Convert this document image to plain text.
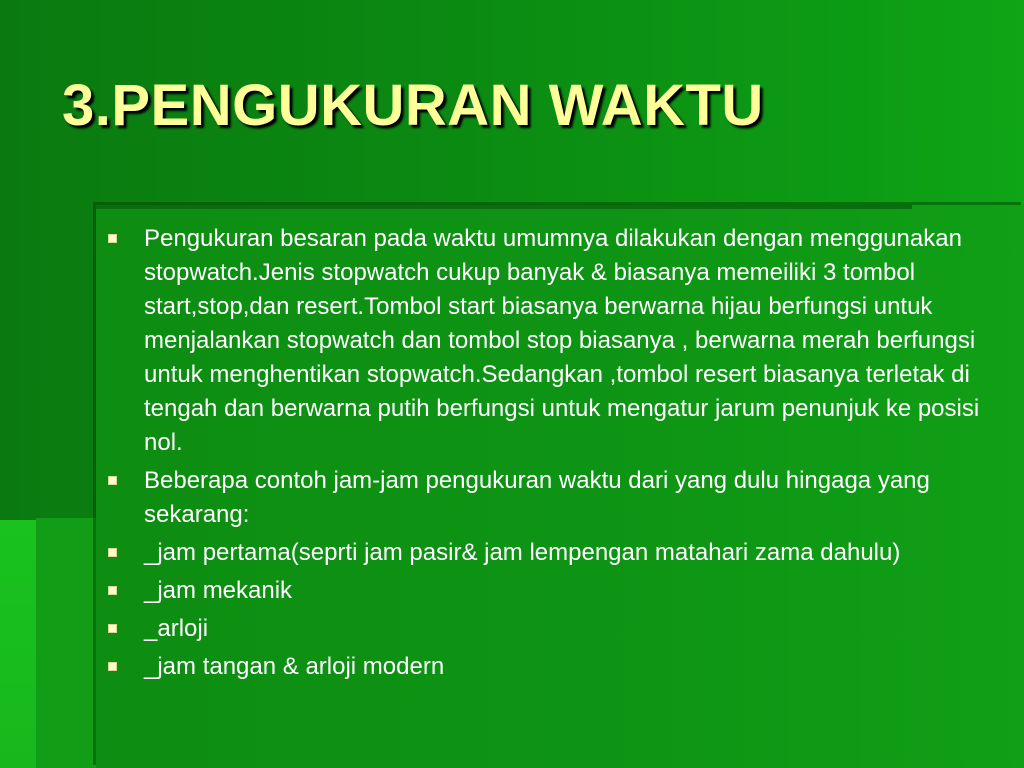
3.PENGUKURAN WAKTU
Pengukuran besaran pada waktu umumnya dilakukan dengan menggunakan stopwatch.Jenis stopwatch cukup banyak & biasanya memeiliki 3 tombol start,stop,dan resert.Tombol start biasanya berwarna hijau berfungsi untuk menjalankan stopwatch dan tombol stop biasanya , berwarna merah berfungsi untuk menghentikan stopwatch.Sedangkan ,tombol resert biasanya terletak di tengah dan berwarna putih berfungsi untuk mengatur jarum penunjuk ke posisi nol.
Beberapa contoh jam-jam pengukuran waktu dari yang dulu hingaga yang sekarang:
_jam pertama(seprti jam pasir& jam lempengan matahari zama dahulu)
_jam mekanik
_arloji
_jam tangan & arloji modern
